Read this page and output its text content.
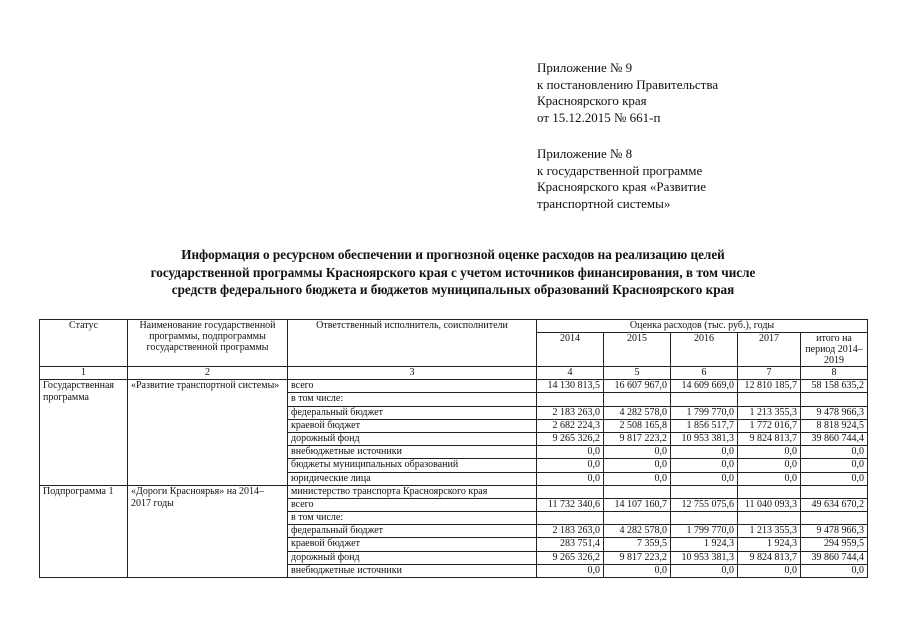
Приложение № 9
к постановлению Правительства
Красноярского края
от 15.12.2015 № 661-п
Приложение № 8
к государственной программе
Красноярского края «Развитие
транспортной системы»
Информация о ресурсном обеспечении и прогнозной оценке расходов на реализацию целей
государственной программы Красноярского края с учетом источников финансирования, в том числе
средств федерального бюджета и бюджетов муниципальных образований Красноярского края
Статус	Наименование государственной программы, подпрограммы государственной программы	Ответственный исполнитель, соисполнители	Оценка расходов (тыс. руб.), годы				
			2014	2015	2016	2017	итого на период 2014–2019
1	2	3	4	5	6	7	8
Государственная программа	«Развитие транспортной системы»	всего	14 130 813,5	16 607 967,0	14 609 669,0	12 810 185,7	58 158 635,2
		в том числе:					
		федеральный бюджет	2 183 263,0	4 282 578,0	1 799 770,0	1 213 355,3	9 478 966,3
		краевой бюджет	2 682 224,3	2 508 165,8	1 856 517,7	1 772 016,7	8 818 924,5
		дорожный фонд	9 265 326,2	9 817 223,2	10 953 381,3	9 824 813,7	39 860 744,4
		внебюджетные источники	0,0	0,0	0,0	0,0	0,0
		бюджеты муниципальных образований	0,0	0,0	0,0	0,0	0,0
		юридические лица	0,0	0,0	0,0	0,0	0,0
Подпрограмма 1	«Дороги Красноярья» на 2014–2017 годы	министерство транспорта Красноярского края					
		всего	11 732 340,6	14 107 160,7	12 755 075,6	11 040 093,3	49 634 670,2
		в том числе:					
		федеральный бюджет	2 183 263,0	4 282 578,0	1 799 770,0	1 213 355,3	9 478 966,3
		краевой бюджет	283 751,4	7 359,5	1 924,3	1 924,3	294 959,5
		дорожный фонд	9 265 326,2	9 817 223,2	10 953 381,3	9 824 813,7	39 860 744,4
		внебюджетные источники	0,0	0,0	0,0	0,0	0,0
